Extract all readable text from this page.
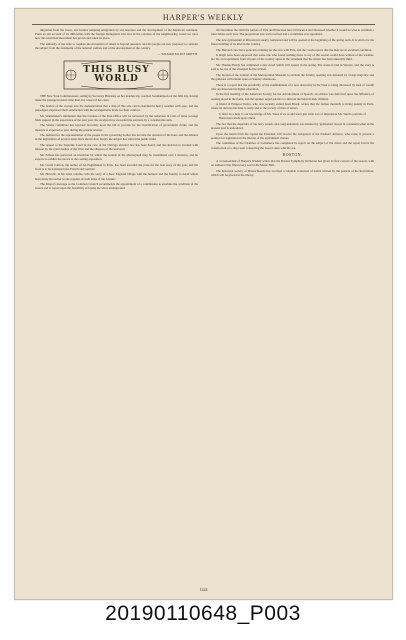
HARPER'S WEEKLY

migration from the lower, and leaders tempting emigration by our nearness and the development of the American continent. From an old account of its difficulties with the foreign immigrants who live in the colonies of the neighbouring coasts we trace how the restriction movement has grown and taken its place.

The authority of the state to regulate the movement of aliens is beyond question, and the people are now prepared to consider the subject from the standpoint of the national welfare and of the development of the country.

— WILLIAM ELLIOT GRIFFIS.

THIS BUSY
WORLD

THE New York Commissioner, sailing by Secretary Hinckley on her maiden trip, reached Southampton on the fifth day, having made the passage in better time than any vessel of her class.

The feature of the voyage was the demonstration that a ship of this size can be handled in heavy weather with ease, and the passengers expressed their satisfaction with the arrangements made for their comfort.

Mr. Wanamaker's intimation that the revenue of the Post-Office will be increased by the reduction in rates of letter postage finds support in the experience of the past year; the receipts have exceeded the estimate by a considerable sum.

The Senate committee has reported favorably upon the bill to provide for the classification of government clerks, and the measure is expected to pass during the present session.

The demand for the representation of the people in the governing bodies has become the question of the hour, and the debates in the legislatures of several states have shown how deeply the subject has stirred the public mind.

The appeal to the Supreme Court in the case of the Chicago elevator law has been heard, and the decision is awaited with interest by the grain dealers of the West and the shippers of the seaboard.

Mr. Edison has perfected an invention by which the sounds of the phonograph may be transmitted over a distance, and he expects to exhibit the device at the coming exposition.

Mr. Curtis Carlton, the author of An Englishman in Paris, has been awarded the prize for the best story of the year, and his book is to be translated into French and German.

Mr. Howells, in his latest volume, tells the story of a New England village with the humour and the fidelity to detail which have made his earlier works popular on both sides of the Atlantic.

The Mayor's message to the Common Council recommends the appointment of a commission to examine the condition of the streets and to report upon the feasibility of laying the wires underground.

On December the sixth the seniors of Yale and Princeton met at Princeton and discussed whether it would be wise to establish a joint debate each year. The proposition was well received and a committee was appointed.

The new gymnasium at Princeton is nearly completed and will be opened at the beginning of the spring term. It is said to be the finest building of its kind in the country.

The Harvard crew have gone into training for the race with Yale, and the coach reports that the men are in excellent condition.

It might have been supposed that some one who found nothing more to say of the season would have written of the weather, but the correspondents from all parts of the country agree in the statement that the winter has been unusually mild.

Mr. Thomas Hardy has completed a new novel which will appear in the spring. The scene is laid in Wessex, and the story is said to be one of the strongest he has written.

The motion of the women of the Metropolitan Museum to exclude the Sunday opening was defeated by a large majority, and the galleries will remain open on Sunday afternoons.

There is a report that the possibility of the establishment of a new university in the West is being discussed by men of wealth who are interested in higher education.

In the first meeting of the American Society for the Advancement of Speech, an address was delivered upon the influence of reading aloud in the home, and the speaker urged parents to cultivate the habit in their children.

A friend of Emperor Pedro, who was recently exiled from Brazil, writes that the former monarch is living quietly in Paris, where he devotes his time to study and to the society of men of letters.

It must be a help to our knowledge of Mr. Ward if we would learn just what sort of impression Mr. Ward's portraits of Hansa have made upon others.

The fact that the departure of the navy vessels and congratulations was marked by 'gentleman' cheers in a moment when in the present year is undoubted.

Upon the return from the capital the President will receive the delegation of the Farmers' Alliance, who come to present a petition for legislation in the interest of the agricultural classes.

The committee of the Chamber of Commerce has completed its report on the subject of the canal, and the report favors the construction of a ship canal connecting the Great Lakes with the sea.

BOSTON.

A correspondent of Harper's Weekly writes that the Boston Symphony Orchestra has given its first concert of the season, with an audience that filled every seat in the Music Hall.

The historical society of Massachusetts has received a valuable collection of letters written by the patriots of the Revolution, which will be placed in the library.

1224
20190110648_P003
